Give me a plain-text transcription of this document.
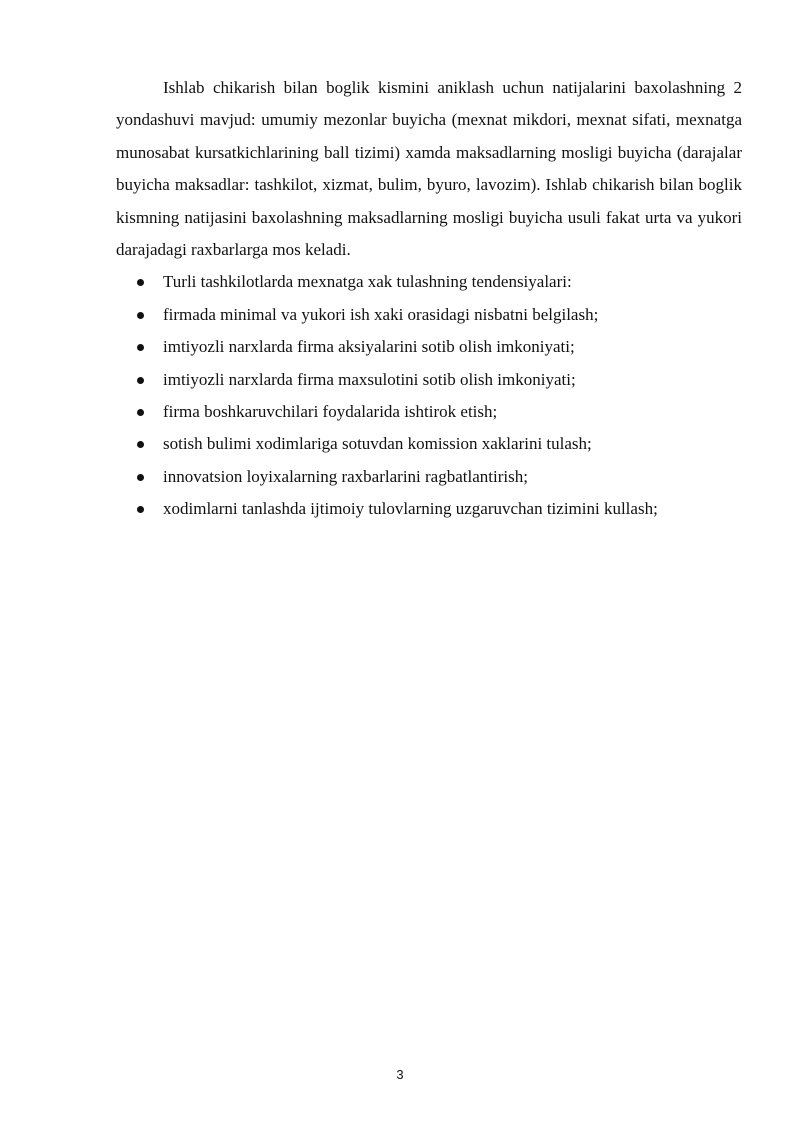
Ishlab chikarish bilan boglik kismini aniklash uchun natijalarini baxolashning 2 yondashuvi mavjud: umumiy mezonlar buyicha (mexnat mikdori, mexnat sifati, mexnatga munosabat kursatkichlarining ball tizimi) xamda maksadlarning mosligi buyicha (darajalar buyicha maksadlar: tashkilot, xizmat, bulim, byuro, lavozim). Ishlab chikarish bilan boglik kismning natijasini baxolashning maksadlarning mosligi buyicha usuli fakat urta va yukori darajadagi raxbarlarga mos keladi.

Turli tashkilotlarda mexnatga xak tulashning tendensiyalari:
firmada minimal va yukori ish xaki orasidagi nisbatni belgilash;
imtiyozli narxlarda firma aksiyalarini sotib olish imkoniyati;
imtiyozli narxlarda firma maxsulotini sotib olish imkoniyati;
firma boshkaruvchilari foydalarida ishtirok etish;
sotish bulimi xodimlariga sotuvdan komission xaklarini tulash;
innovatsion loyixalarning raxbarlarini ragbatlantirish;
xodimlarni tanlashda ijtimoiy tulovlarning uzgaruvchan tizimini kullash;
3
